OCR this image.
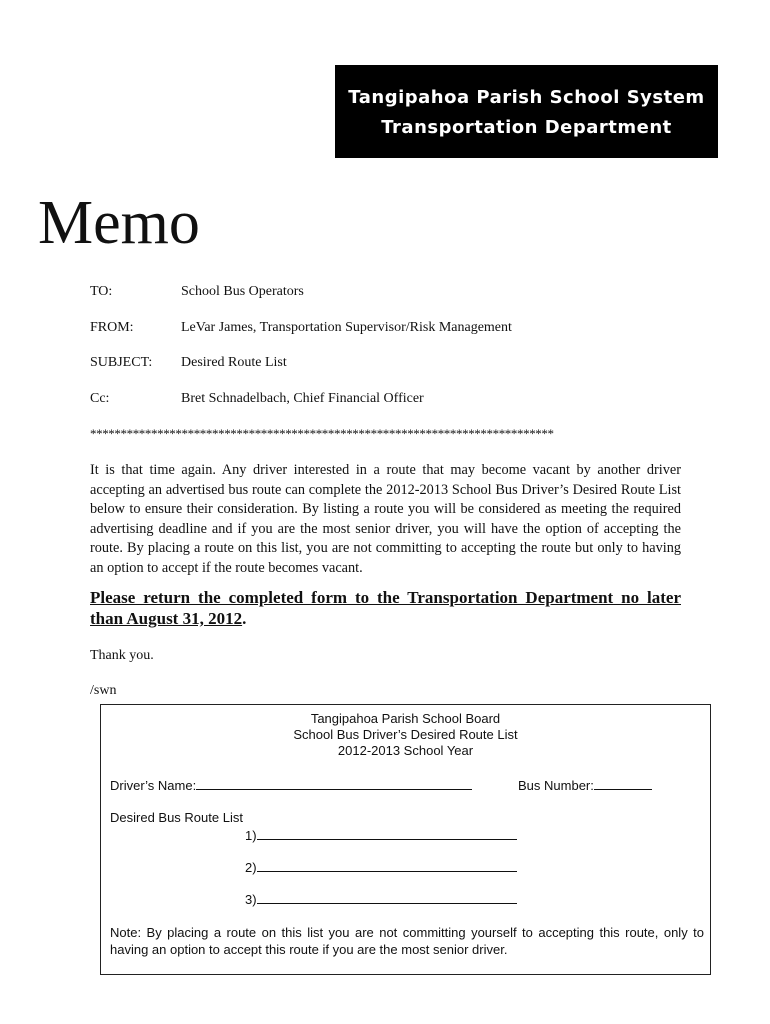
Tangipahoa Parish School System
Transportation Department
Memo
TO:	School Bus Operators
FROM:	LeVar James, Transportation Supervisor/Risk Management
SUBJECT: Desired Route List
Cc:	Bret Schnadelbach, Chief Financial Officer
****************************************************************************
It is that time again. Any driver interested in a route that may become vacant by another driver accepting an advertised bus route can complete the 2012-2013 School Bus Driver’s Desired Route List below to ensure their consideration. By listing a route you will be considered as meeting the required advertising deadline and if you are the most senior driver, you will have the option of accepting the route. By placing a route on this list, you are not committing to accepting the route but only to having an option to accept if the route becomes vacant.
Please return the completed form to the Transportation Department no later than August 31, 2012.
Thank you.
/swn
Tangipahoa Parish School Board
School Bus Driver’s Desired Route List
2012-2013 School Year
Driver’s Name:	Bus Number:
Desired Bus Route List
1)
2)
3)
Note: By placing a route on this list you are not committing yourself to accepting this route, only to having an option to accept this route if you are the most senior driver.
